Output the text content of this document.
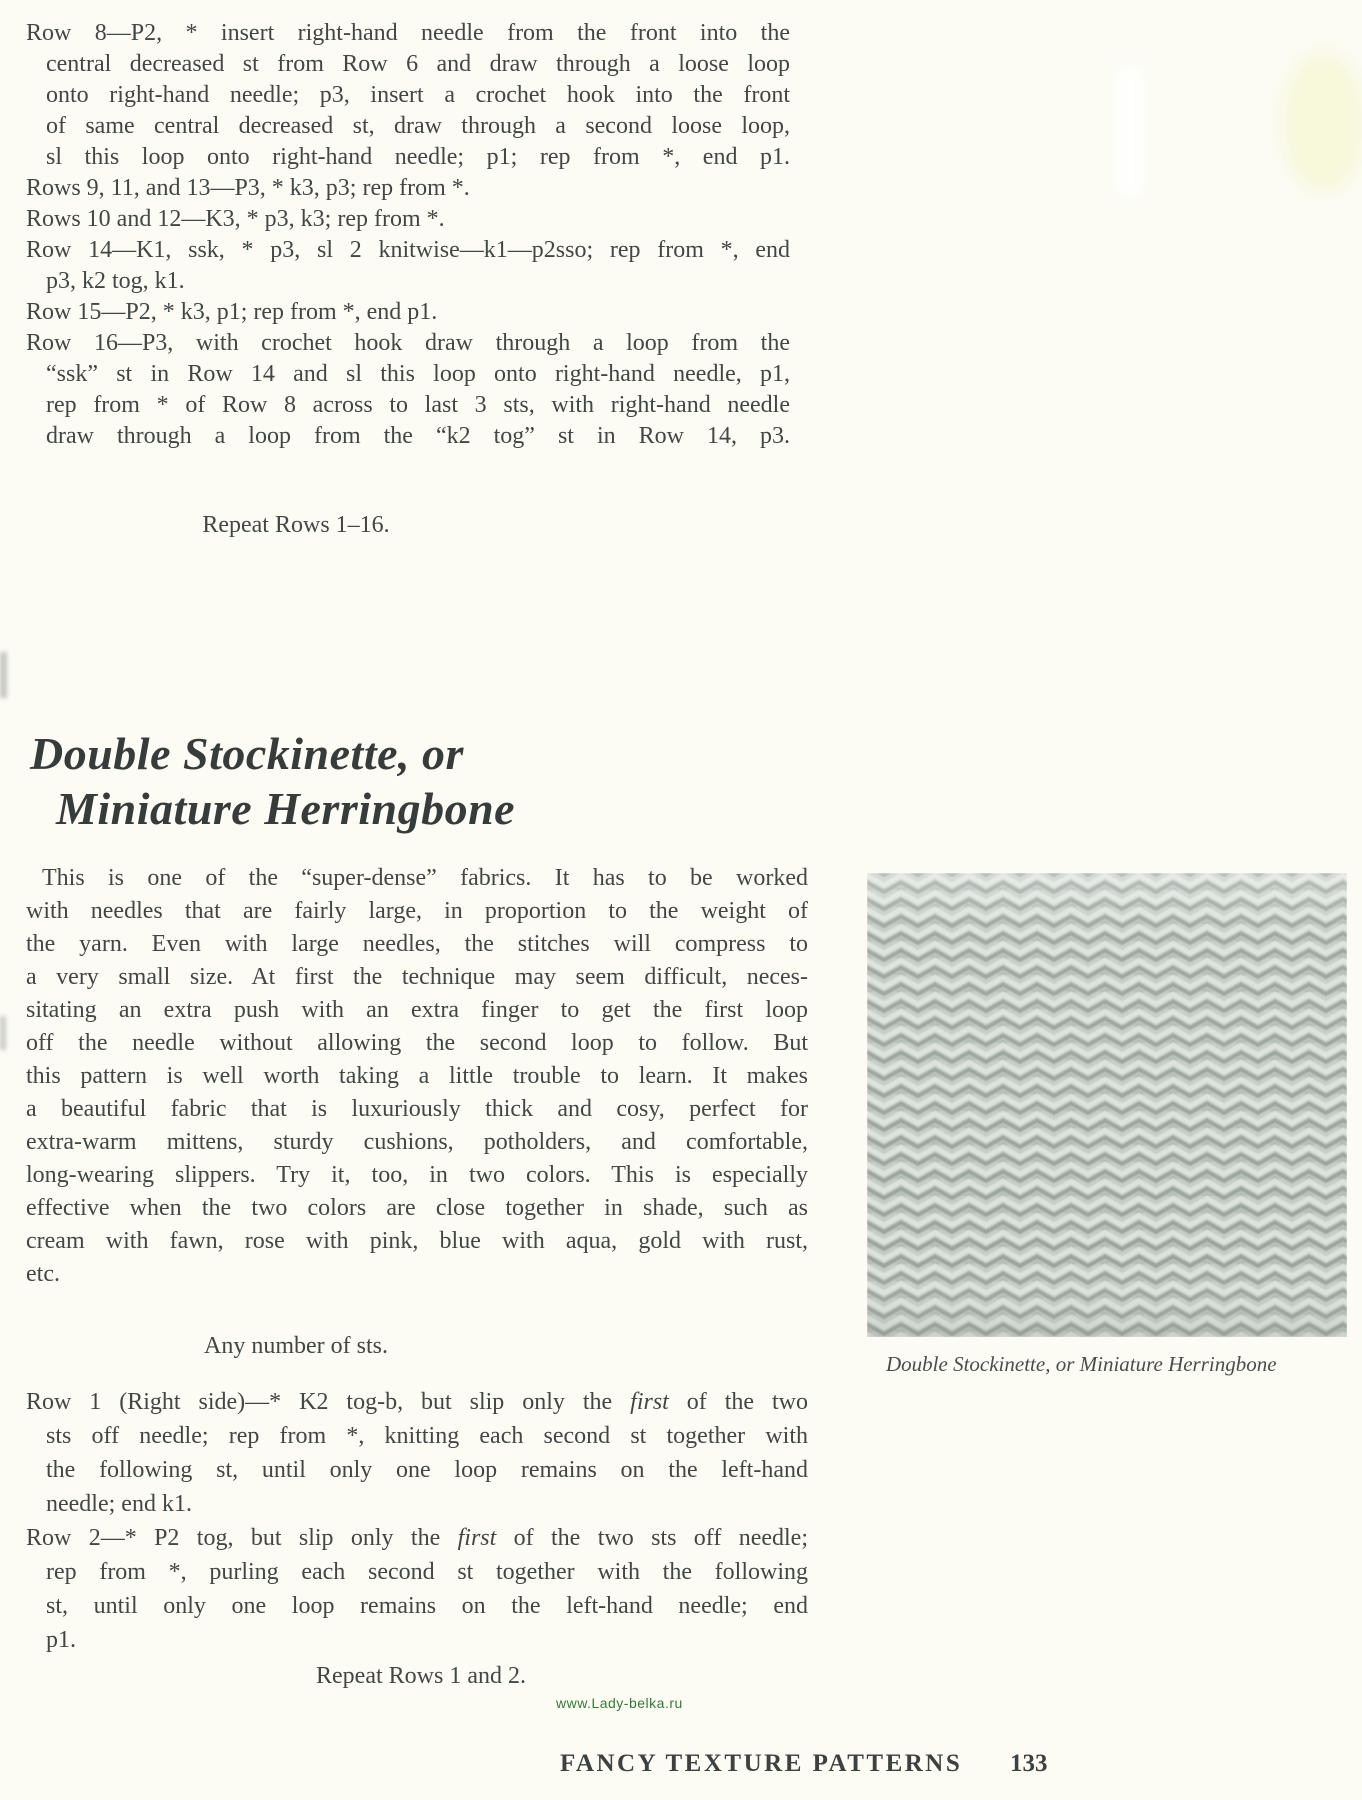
Row 8—P2, * insert right-hand needle from the front into the
central decreased st from Row 6 and draw through a loose loop
onto right-hand needle; p3, insert a crochet hook into the front
of same central decreased st, draw through a second loose loop,
sl this loop onto right-hand needle; p1; rep from *, end p1.
Rows 9, 11, and 13—P3, * k3, p3; rep from *.
Rows 10 and 12—K3, * p3, k3; rep from *.
Row 14—K1, ssk, * p3, sl 2 knitwise—k1—p2sso; rep from *, end
p3, k2 tog, k1.
Row 15—P2, * k3, p1; rep from *, end p1.
Row 16—P3, with crochet hook draw through a loop from the
“ssk” st in Row 14 and sl this loop onto right-hand needle, p1,
rep from * of Row 8 across to last 3 sts, with right-hand needle
draw through a loop from the “k2 tog” st in Row 14, p3.
Repeat Rows 1–16.
Double Stockinette, or
Miniature Herringbone
This is one of the “super-dense” fabrics. It has to be worked
with needles that are fairly large, in proportion to the weight of
the yarn. Even with large needles, the stitches will compress to
a very small size. At first the technique may seem difficult, neces-
sitating an extra push with an extra finger to get the first loop
off the needle without allowing the second loop to follow. But
this pattern is well worth taking a little trouble to learn. It makes
a beautiful fabric that is luxuriously thick and cosy, perfect for
extra-warm mittens, sturdy cushions, potholders, and comfortable,
long-wearing slippers. Try it, too, in two colors. This is especially
effective when the two colors are close together in shade, such as
cream with fawn, rose with pink, blue with aqua, gold with rust,
etc.
Any number of sts.
Row 1 (Right side)—* K2 tog-b, but slip only the first of the two
sts off needle; rep from *, knitting each second st together with
the following st, until only one loop remains on the left-hand
needle; end k1.
Row 2—* P2 tog, but slip only the first of the two sts off needle;
rep from *, purling each second st together with the following
st, until only one loop remains on the left-hand needle; end
p1.
Repeat Rows 1 and 2.
Double Stockinette, or Miniature Herringbone
www.Lady-belka.ru
FANCY TEXTURE PATTERNS 133
